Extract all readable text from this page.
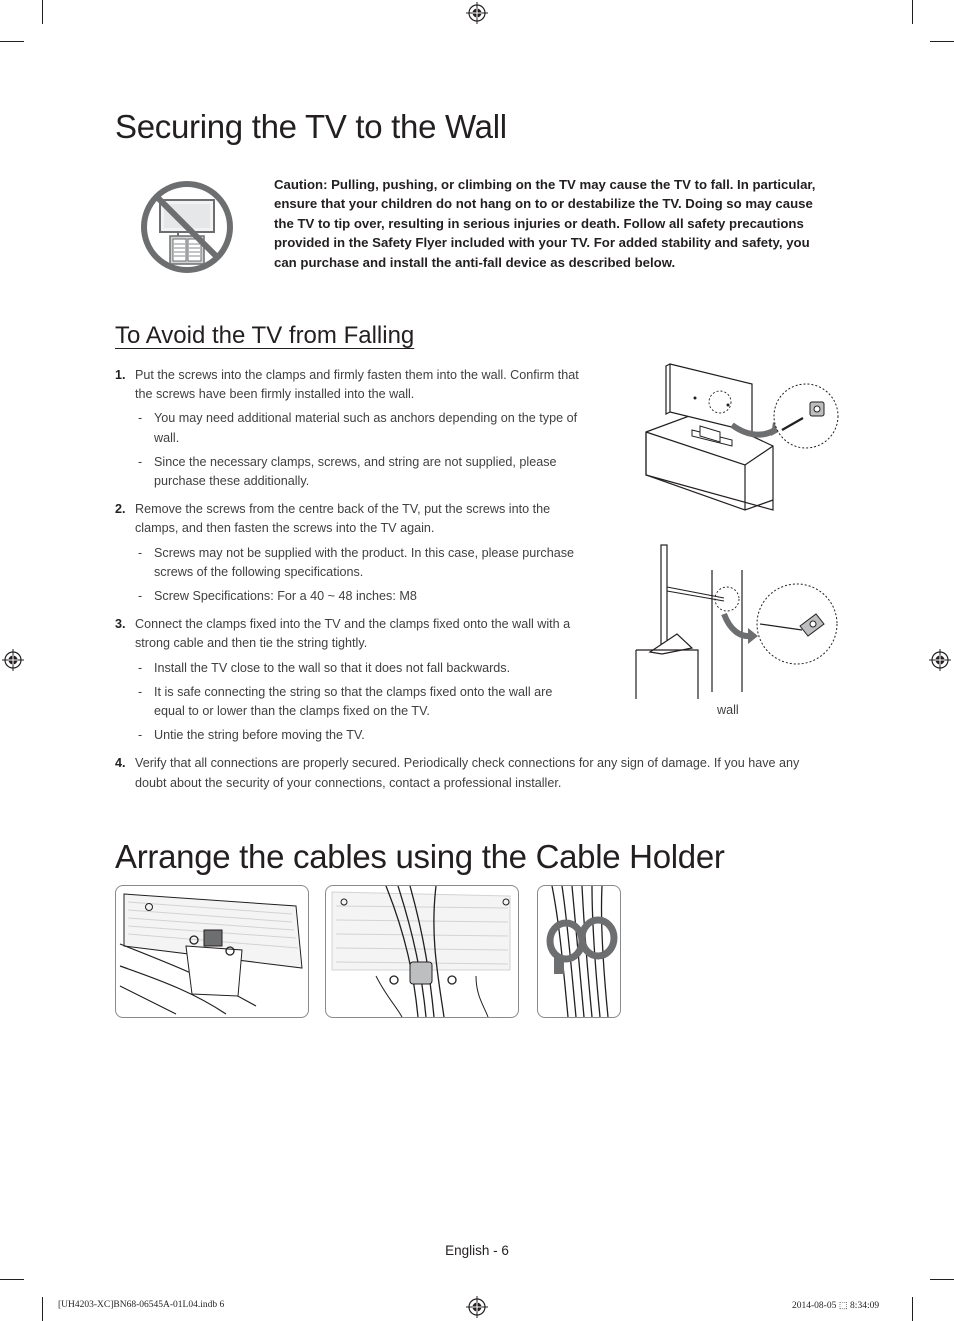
Securing the TV to the Wall
Caution: Pulling, pushing, or climbing on the TV may cause the TV to fall. In particular, ensure that your children do not hang on to or destabilize the TV. Doing so may cause the TV to tip over, resulting in serious injuries or death. Follow all safety precautions provided in the Safety Flyer included with your TV. For added stability and safety, you can purchase and install the anti-fall device as described below.
To Avoid the TV from Falling
1. Put the screws into the clamps and firmly fasten them into the wall. Confirm that the screws have been firmly installed into the wall.
- You may need additional material such as anchors depending on the type of wall.
- Since the necessary clamps, screws, and string are not supplied, please purchase these additionally.
2. Remove the screws from the centre back of the TV, put the screws into the clamps, and then fasten the screws into the TV again.
- Screws may not be supplied with the product. In this case, please purchase screws of the following specifications.
- Screw Specifications: For a 40 ~ 48 inches: M8
3. Connect the clamps fixed into the TV and the clamps fixed onto the wall with a strong cable and then tie the string tightly.
- Install the TV close to the wall so that it does not fall backwards.
- It is safe connecting the string so that the clamps fixed onto the wall are equal to or lower than the clamps fixed on the TV.
- Untie the string before moving the TV.
4. Verify that all connections are properly secured. Periodically check connections for any sign of damage. If you have any doubt about the security of your connections, contact a professional installer.
wall
Arrange the cables using the Cable Holder
English - 6
[UH4203-XC]BN68-06545A-01L04.indb 6	2014-08-05 ⬚ 8:34:09
